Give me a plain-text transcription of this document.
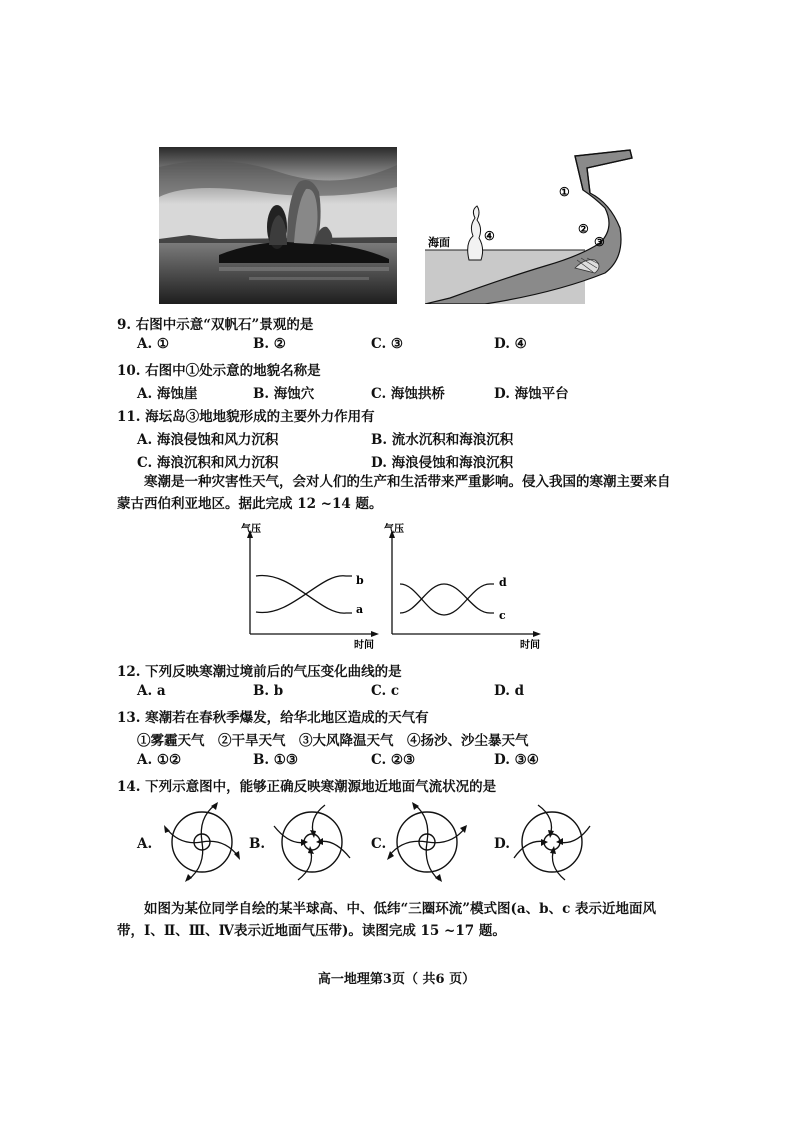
①
②
③
④
海面
9. 右图中示意“双帆石”景观的是
A. ①	B. ②	C. ③	D. ④
10. 右图中①处示意的地貌名称是
A. 海蚀崖	B. 海蚀穴	C. 海蚀拱桥	D. 海蚀平台
11. 海坛岛③地地貌形成的主要外力作用有
A. 海浪侵蚀和风力沉积	B. 流水沉积和海浪沉积
C. 海浪沉积和风力沉积	D. 海浪侵蚀和海浪沉积
寒潮是一种灾害性天气，会对人们的生产和生活带来严重影响。侵入我国的寒潮主要来自蒙古西伯利亚地区。据此完成 12 ~14 题。
气压
时间
b
a
气压
时间
d
c
12. 下列反映寒潮过境前后的气压变化曲线的是
A. a	B. b	C. c	D. d
13. 寒潮若在春秋季爆发，给华北地区造成的天气有
①雾霾天气　②干旱天气　③大风降温天气　④扬沙、沙尘暴天气
A. ①②	B. ①③	C. ②③	D. ③④
14. 下列示意图中，能够正确反映寒潮源地近地面气流状况的是
A.	B.	C.	D.
如图为某位同学自绘的某半球高、中、低纬“三圈环流”模式图(a、b、c 表示近地面风带，Ⅰ、Ⅱ、Ⅲ、Ⅳ表示近地面气压带)。读图完成 15 ~17 题。
高一地理第3页（ 共6 页）
